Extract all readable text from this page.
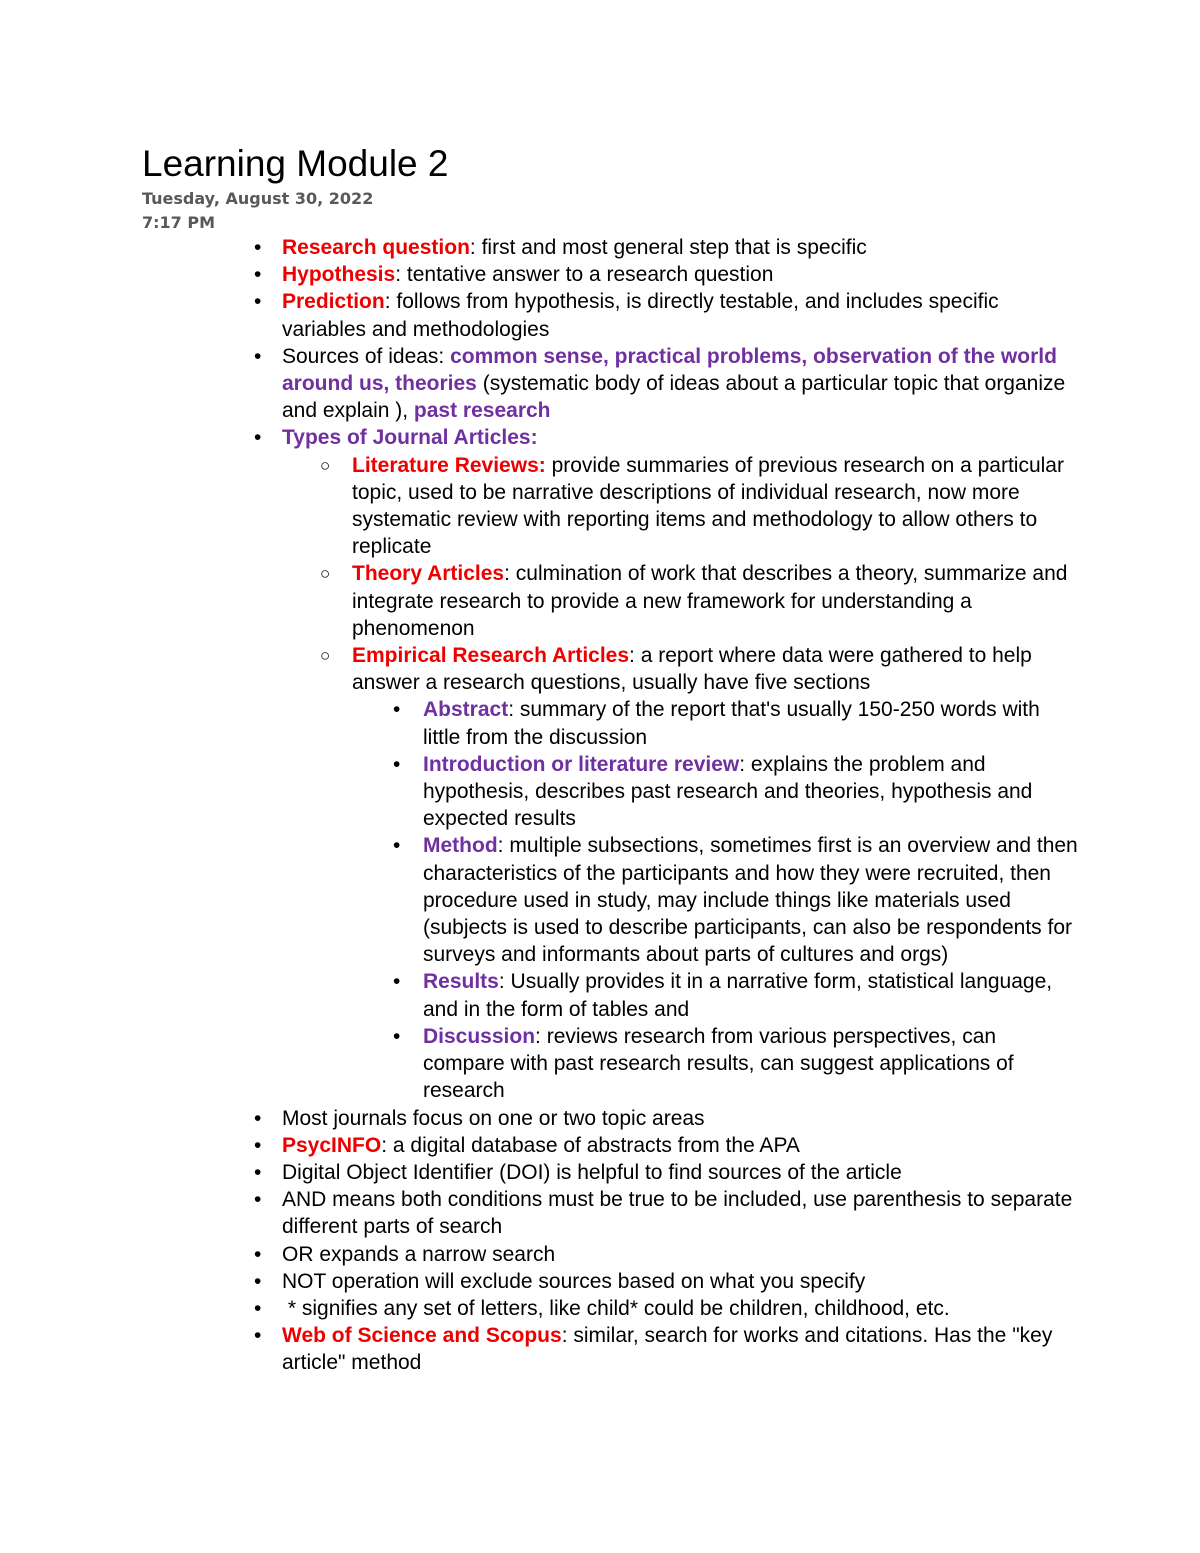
Learning Module 2
Tuesday, August 30, 2022
7:17 PM
• Research question: first and most general step that is specific
• Hypothesis: tentative answer to a research question
• Prediction: follows from hypothesis, is directly testable, and includes specific variables and methodologies
• Sources of ideas: common sense, practical problems, observation of the world around us, theories (systematic body of ideas about a particular topic that organize and explain ), past research
• Types of Journal Articles:
○ Literature Reviews: provide summaries of previous research on a particular topic, used to be narrative descriptions of individual research, now more systematic review with reporting items and methodology to allow others to replicate
○ Theory Articles: culmination of work that describes a theory, summarize and integrate research to provide a new framework for understanding a phenomenon
○ Empirical Research Articles: a report where data were gathered to help answer a research questions, usually have five sections
• Abstract: summary of the report that's usually 150-250 words with little from the discussion
• Introduction or literature review: explains the problem and hypothesis, describes past research and theories, hypothesis and expected results
• Method: multiple subsections, sometimes first is an overview and then characteristics of the participants and how they were recruited, then procedure used in study, may include things like materials used (subjects is used to describe participants, can also be respondents for surveys and informants about parts of cultures and orgs)
• Results: Usually provides it in a narrative form, statistical language, and in the form of tables and
• Discussion: reviews research from various perspectives, can compare with past research results, can suggest applications of research
• Most journals focus on one or two topic areas
• PsycINFO: a digital database of abstracts from the APA
• Digital Object Identifier (DOI) is helpful to find sources of the article
• AND means both conditions must be true to be included, use parenthesis to separate different parts of search
• OR expands a narrow search
• NOT operation will exclude sources based on what you specify
• * signifies any set of letters, like child* could be children, childhood, etc.
• Web of Science and Scopus: similar, search for works and citations. Has the "key article" method
